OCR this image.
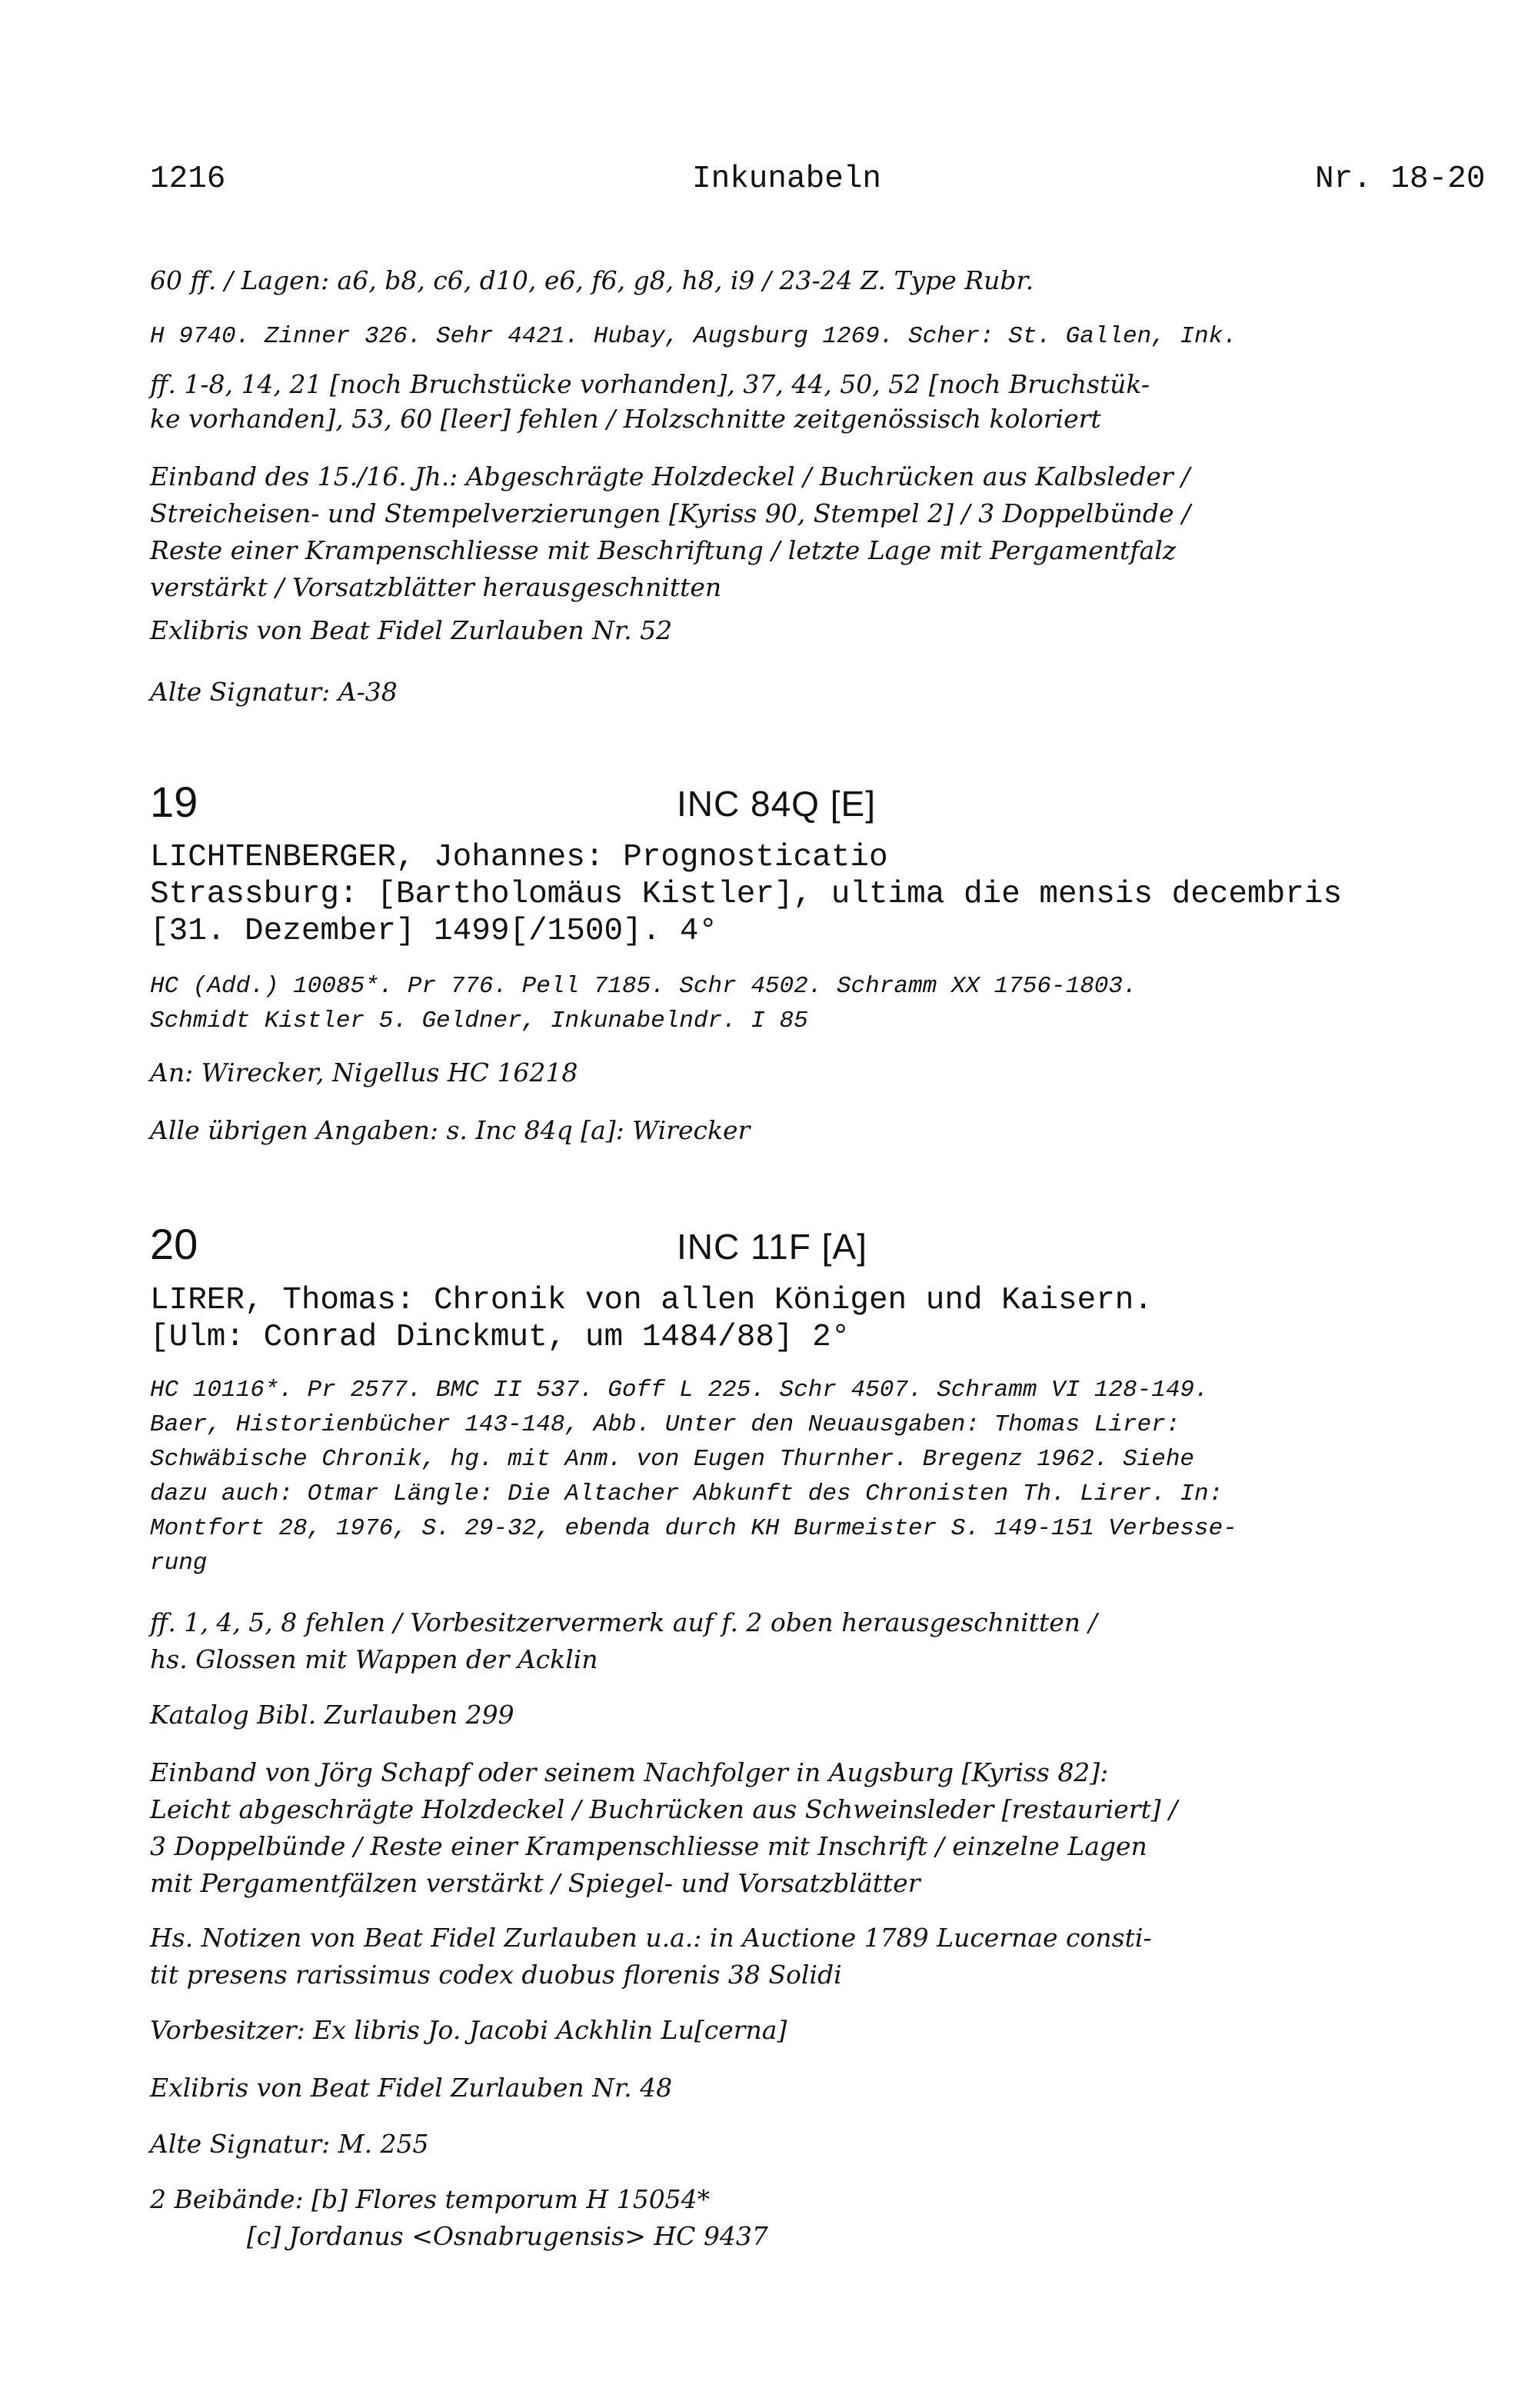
1216	Inkunabeln	Nr. 18-20
60 ff. / Lagen: a6, b8, c6, d10, e6, f6, g8, h8, i9 / 23-24 Z. Type Rubr.
H 9740. Zinner 326. Sehr 4421. Hubay, Augsburg 1269. Scher: St. Gallen, Ink.
ff. 1-8, 14, 21 [noch Bruchstücke vorhanden], 37, 44, 50, 52 [noch Bruchstük-
ke vorhanden], 53, 60 [leer] fehlen / Holzschnitte zeitgenössisch koloriert
Einband des 15./16. Jh.: Abgeschrägte Holzdeckel / Buchrücken aus Kalbsleder /
Streicheisen- und Stempelverzierungen [Kyriss 90, Stempel 2] / 3 Doppelbünde /
Reste einer Krampenschliesse mit Beschriftung / letzte Lage mit Pergamentfalz
verstärkt / Vorsatzblätter herausgeschnitten
Exlibris von Beat Fidel Zurlauben Nr. 52
Alte Signatur: A-38
19	INC 84Q [E]
LICHTENBERGER, Johannes: Prognosticatio
Strassburg: [Bartholomäus Kistler], ultima die mensis decembris
[31. Dezember] 1499[/1500]. 4°
HC (Add.) 10085*. Pr 776. Pell 7185. Schr 4502. Schramm XX 1756-1803.
Schmidt Kistler 5. Geldner, Inkunabelndr. I 85
An: Wirecker, Nigellus HC 16218
Alle übrigen Angaben: s. Inc 84q [a]: Wirecker
20	INC 11F [A]
LIRER, Thomas: Chronik von allen Königen und Kaisern.
[Ulm: Conrad Dinckmut, um 1484/88] 2°
HC 10116*. Pr 2577. BMC II 537. Goff L 225. Schr 4507. Schramm VI 128-149.
Baer, Historienbücher 143-148, Abb. Unter den Neuausgaben: Thomas Lirer:
Schwäbische Chronik, hg. mit Anm. von Eugen Thurnher. Bregenz 1962. Siehe
dazu auch: Otmar Längle: Die Altacher Abkunft des Chronisten Th. Lirer. In:
Montfort 28, 1976, S. 29-32, ebenda durch KH Burmeister S. 149-151 Verbesse-
rung
ff. 1, 4, 5, 8 fehlen / Vorbesitzervermerk auf f. 2 oben herausgeschnitten /
hs. Glossen mit Wappen der Acklin
Katalog Bibl. Zurlauben 299
Einband von Jörg Schapf oder seinem Nachfolger in Augsburg [Kyriss 82]:
Leicht abgeschrägte Holzdeckel / Buchrücken aus Schweinsleder [restauriert] /
3 Doppelbünde / Reste einer Krampenschliesse mit Inschrift / einzelne Lagen
mit Pergamentfälzen verstärkt / Spiegel- und Vorsatzblätter
Hs. Notizen von Beat Fidel Zurlauben u.a.: in Auctione 1789 Lucernae consti-
tit presens rarissimus codex duobus florenis 38 Solidi
Vorbesitzer: Ex libris Jo. Jacobi Ackhlin Lu[cerna]
Exlibris von Beat Fidel Zurlauben Nr. 48
Alte Signatur: M. 255
2 Beibände: [b] Flores temporum H 15054*
[c] Jordanus <Osnabrugensis> HC 9437
